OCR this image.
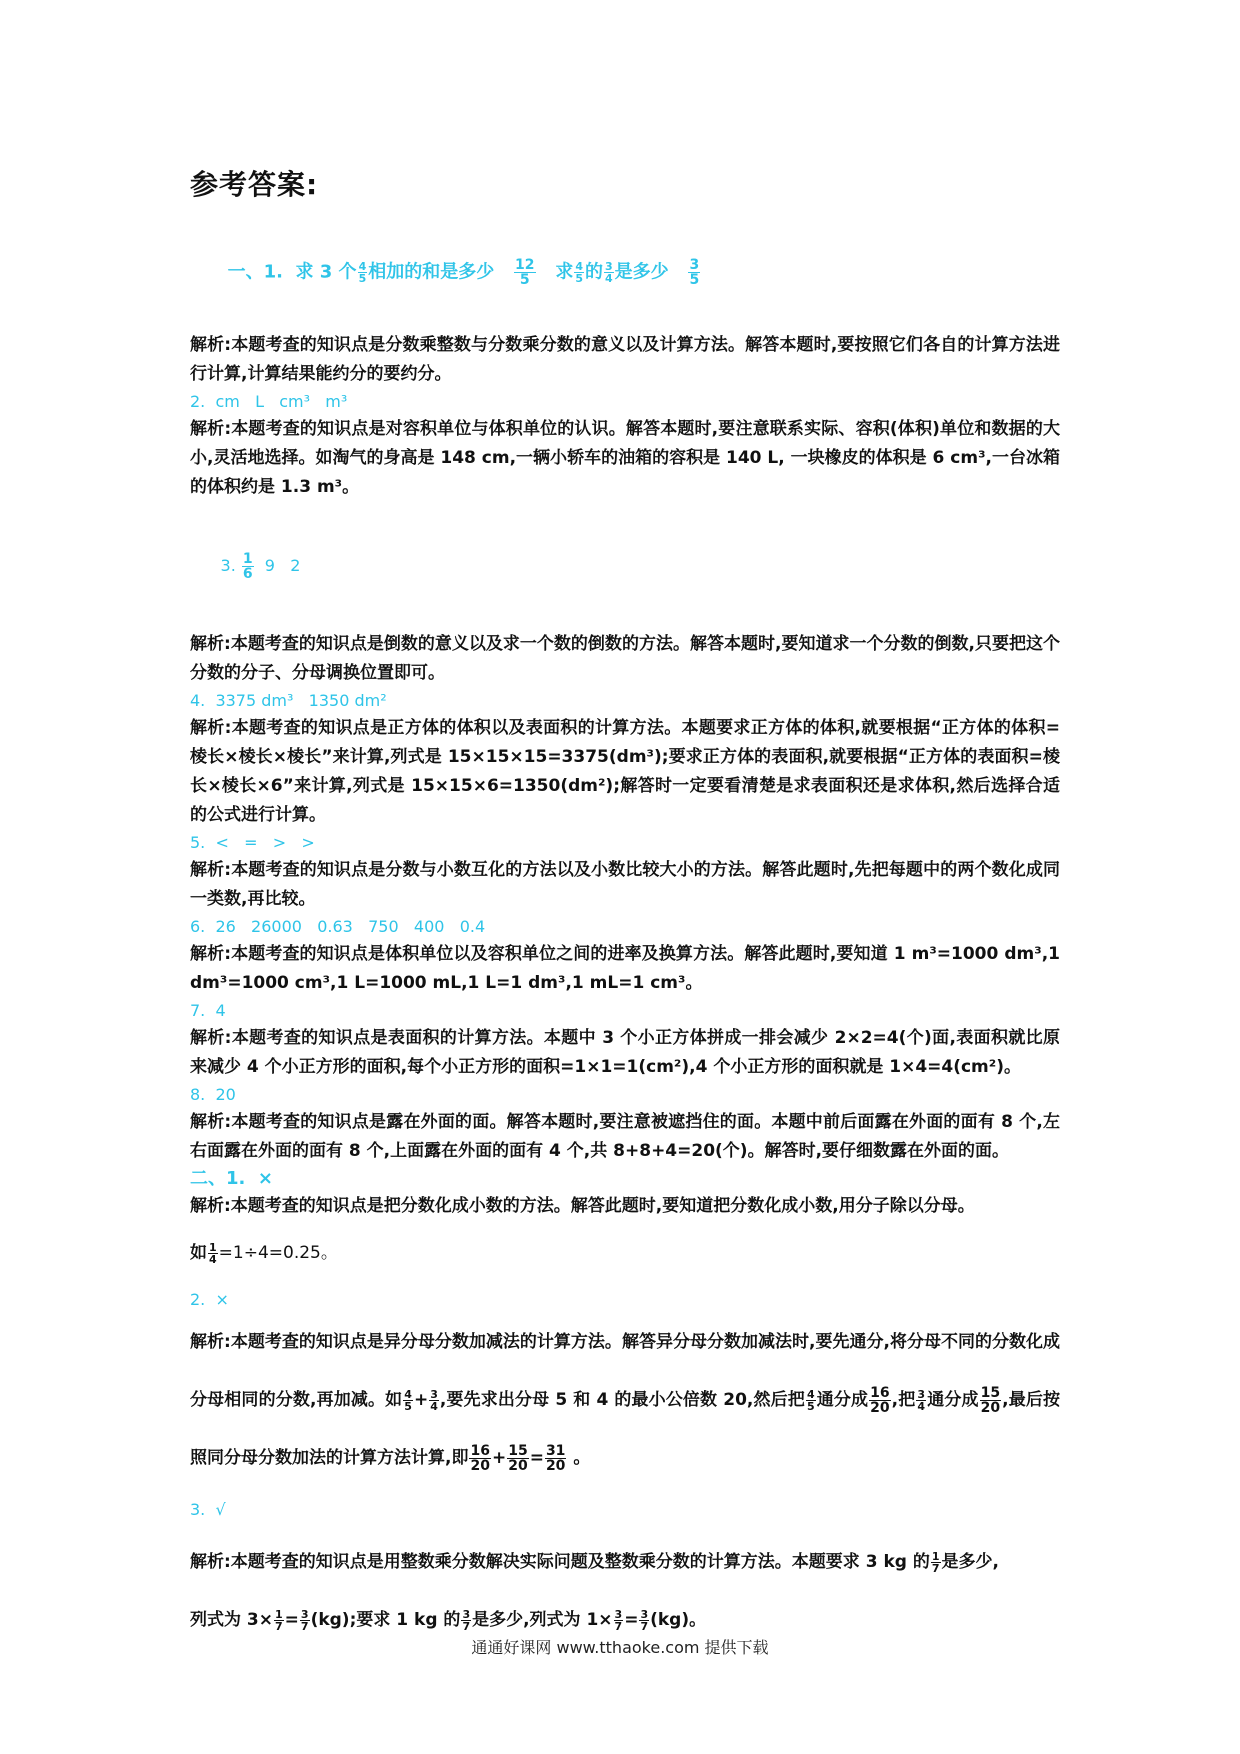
参考答案:

一、1.  求 3 个 $\frac{4}{5}$ 相加的和是多少 $\frac{12}{5}$ 求 $\frac{4}{5}$ 的 $\frac{3}{4}$ 是多少 $\frac{3}{5}$

解析:本题考查的知识点是分数乘整数与分数乘分数的意义以及计算方法。解答本题时,要按照它们各自的计算方法进行计算,计算结果能约分的要约分。

2.  cm   L   cm³   m³

解析:本题考查的知识点是对容积单位与体积单位的认识。解答本题时,要注意联系实际、容积(体积)单位和数据的大小,灵活地选择。如淘气的身高是 148 cm,一辆小轿车的油箱的容积是 140 L, 一块橡皮的体积是 6 cm³,一台冰箱的体积约是 1.3 m³。

3. $\frac{1}{6} 9$   2

解析:本题考查的知识点是倒数的意义以及求一个数的倒数的方法。解答本题时,要知道求一个分数的倒数,只要把这个分数的分子、分母调换位置即可。

4.  3375 dm³   1350 dm²

解析:本题考查的知识点是正方体的体积以及表面积的计算方法。本题要求正方体的体积,就要根据“正方体的体积=棱长×棱长×棱长”来计算,列式是 15×15×15=3375(dm³);要求正方体的表面积,就要根据“正方体的表面积=棱长×棱长×6”来计算,列式是 15×15×6=1350(dm²);解答时一定要看清楚是求表面积还是求体积,然后选择合适的公式进行计算。

5.  <   =   >   >

解析:本题考查的知识点是分数与小数互化的方法以及小数比较大小的方法。解答此题时,先把每题中的两个数化成同一类数,再比较。

6.  26   26000   0.63   750   400   0.4

解析:本题考查的知识点是体积单位以及容积单位之间的进率及换算方法。解答此题时,要知道 1 m³=1000 dm³,1 dm³=1000 cm³,1 L=1000 mL,1 L=1 dm³,1 mL=1 cm³。

7.  4

解析:本题考查的知识点是表面积的计算方法。本题中 3 个小正方体拼成一排会减少 2×2=4(个)面,表面积就比原来减少 4 个小正方形的面积,每个小正方形的面积=1×1=1(cm²),4 个小正方形的面积就是 1×4=4(cm²)。

8.  20

解析:本题考查的知识点是露在外面的面。解答本题时,要注意被遮挡住的面。本题中前后面露在外面的面有 8 个,左右面露在外面的面有 8 个,上面露在外面的面有 4 个,共 8+8+4=20(个)。解答时,要仔细数露在外面的面。

二、1.  ×

解析:本题考查的知识点是把分数化成小数的方法。解答此题时,要知道把分数化成小数,用分子除以分母。

如 $\frac{1}{4} =1\div 4=0.25$。

2.  ×

解析:本题考查的知识点是异分母分数加减法的计算方法。解答异分母分数加减法时,要先通分,将分母不同的分数化成分母相同的分数,再加减。如 $\frac{4}{5} + \frac{3}{4}$ ,要先求出分母 5 和 4 的最小公倍数 20,然后把 $\frac{4}{5}$ 通分成 $\frac{16}{20}$ ,把 $\frac{3}{4}$ 通分成 $\frac{15}{20}$ ,最后按照同分母分数加法的计算方法计算,即 $\frac{16}{20} + \frac{15}{20} = \frac{31}{20}$ 。

3.  √

解析:本题考查的知识点是用整数乘分数解决实际问题及整数乘分数的计算方法。本题要求 3 kg 的 $\frac{1}{7}$ 是多少,
列式为 $3\times \frac{1}{7} = \frac{3}{7} (kg)$;要求 1 kg 的 $\frac{3}{7}$ 是多少,列式为 $1\times \frac{3}{7} = \frac{3}{7} (kg)$。

通通好课网 www.tthaoke.com 提供下载
